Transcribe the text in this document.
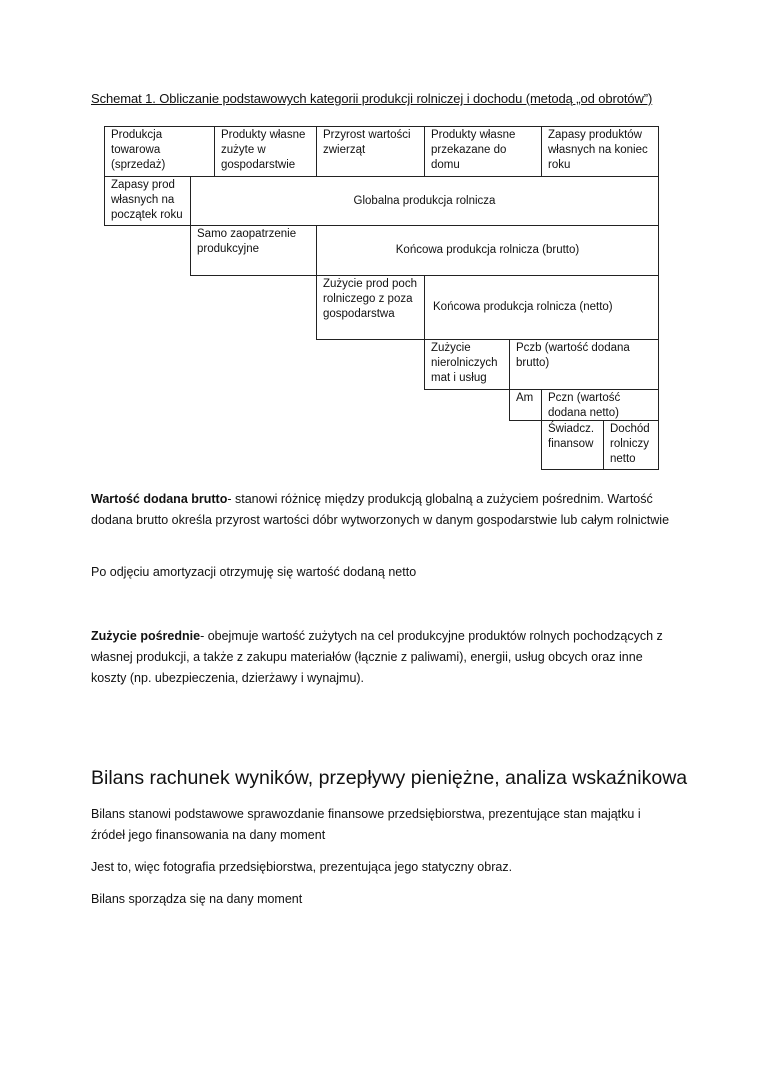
Schemat 1. Obliczanie podstawowych kategorii produkcji rolniczej i dochodu (metodą „od obrotów”)
Produkcja towarowa (sprzedaż)
Produkty własne zużyte w gospodarstwie
Przyrost wartości zwierząt
Produkty własne przekazane do domu
Zapasy produktów własnych na koniec roku
Zapasy prod własnych na początek roku
Globalna produkcja rolnicza
Samo zaopatrzenie produkcyjne	Końcowa produkcja rolnicza (brutto)
Zużycie prod poch rolniczego z poza gospodarstwa
Końcowa produkcja rolnicza (netto)
Zużycie nierolniczych mat i usług
Pczb (wartość dodana brutto)
Am	Pczn (wartość dodana netto)
Świadcz. finansow
Dochód rolniczy netto
Wartość dodana brutto- stanowi różnicę między produkcją globalną a zużyciem pośrednim. Wartość dodana brutto określa przyrost wartości dóbr wytworzonych w danym gospodarstwie lub całym rolnictwie
Po odjęciu amortyzacji otrzymuję się wartość dodaną netto
Zużycie pośrednie- obejmuje wartość zużytych na cel produkcyjne produktów rolnych pochodzących z własnej produkcji, a także z zakupu materiałów (łącznie z paliwami), energii, usług obcych oraz inne koszty (np. ubezpieczenia, dzierżawy i wynajmu).
Bilans rachunek wyników, przepływy pieniężne, analiza wskaźnikowa
Bilans stanowi podstawowe sprawozdanie finansowe przedsiębiorstwa, prezentujące stan majątku i źródeł jego finansowania na dany moment
Jest to, więc fotografia przedsiębiorstwa, prezentująca jego statyczny obraz.
Bilans sporządza się na dany moment
